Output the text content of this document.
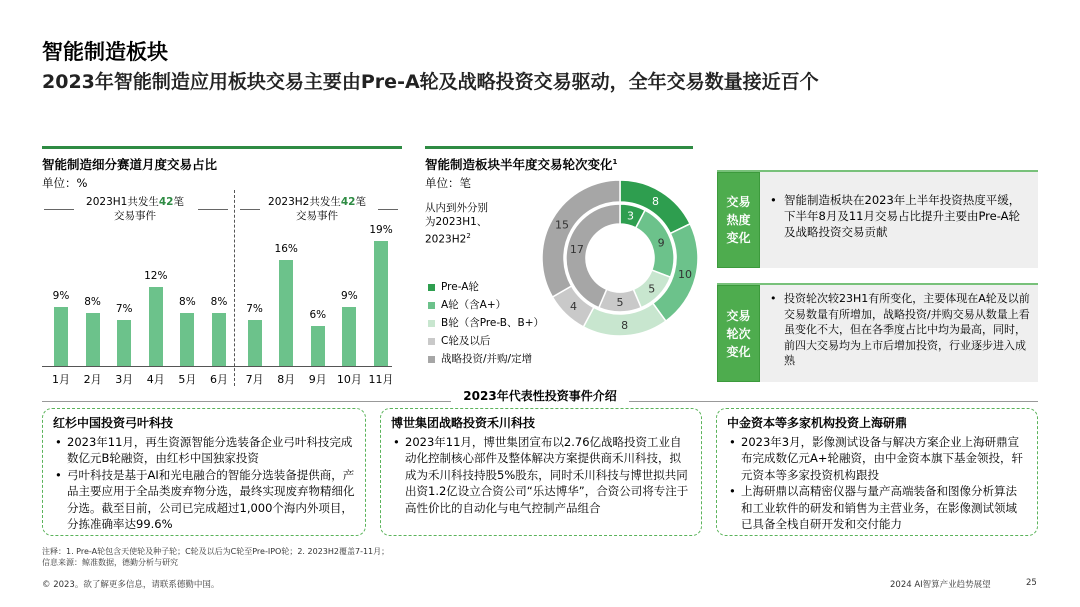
智能制造板块
2023年智能制造应用板块交易主要由Pre-A轮及战略投资交易驱动，全年交易数量接近百个
智能制造细分赛道月度交易占比
单位：%
2023H1共发生42笔
交易事件
2023H2共发生42笔
交易事件
9%
1月
8%
2月
7%
3月
12%
4月
8%
5月
8%
6月
7%
7月
16%
8月
6%
9月
9%
10月
19%
11月
智能制造板块半年度交易轮次变化$^1$
单位：笔
从内到外分别
为2023H1、
$2023H2^2$
Pre-A轮
A轮（含A+）
B轮（含Pre-B、B+）
C轮及以后
战略投资/并购/定增
3
9
5
5
17
8
10
8
4
15
交易
热度
变化
• 智能制造板块在2023年上半年投资热度平缓，下半年8月及11月交易占比提升主要由Pre-A轮及战略投资交易贡献
交易
轮次
变化
• 投资轮次较23H1有所变化，主要体现在A轮及以前交易数量有所增加，战略投资/并购交易从数量上看虽变化不大，但在各季度占比中均为最高，同时，前四大交易均为上市后增加投资，行业逐步进入成熟
2023年代表性投资事件介绍
红杉中国投资弓叶科技
• 2023年11月，再生资源智能分选装备企业弓叶科技完成数亿元B轮融资，由红杉中国独家投资
• 弓叶科技是基于AI和光电融合的智能分选装备提供商，产品主要应用于全品类废弃物分选，最终实现废弃物精细化分选。截至目前，公司已完成超过1,000个海内外项目，分拣准确率达99.6%
博世集团战略投资禾川科技
• 2023年11月，博世集团宣布以2.76亿战略投资工业自动化控制核心部件及整体解决方案提供商禾川科技，拟成为禾川科技持股5%股东，同时禾川科技与博世拟共同出资1.2亿设立合资公司“乐达博华”，合资公司将专注于高性价比的自动化与电气控制产品组合
中金资本等多家机构投资上海研鼎
• 2023年3月，影像测试设备与解决方案企业上海研鼎宣布完成数亿元A+轮融资，由中金资本旗下基金领投，轩元资本等多家投资机构跟投
• 上海研鼎以高精密仪器与量产高端装备和图像分析算法和工业软件的研发和销售为主营业务，在影像测试领域已具备全栈自研开发和交付能力
注释：1. Pre-A轮包含天使轮及种子轮；C轮及以后为C轮至Pre-IPO轮；2. 2023H2覆盖7-11月；
信息来源：鲸准数据，德勤分析与研究
© 2023。欲了解更多信息，请联系德勤中国。	2024 AI智算产业趋势展望	25
